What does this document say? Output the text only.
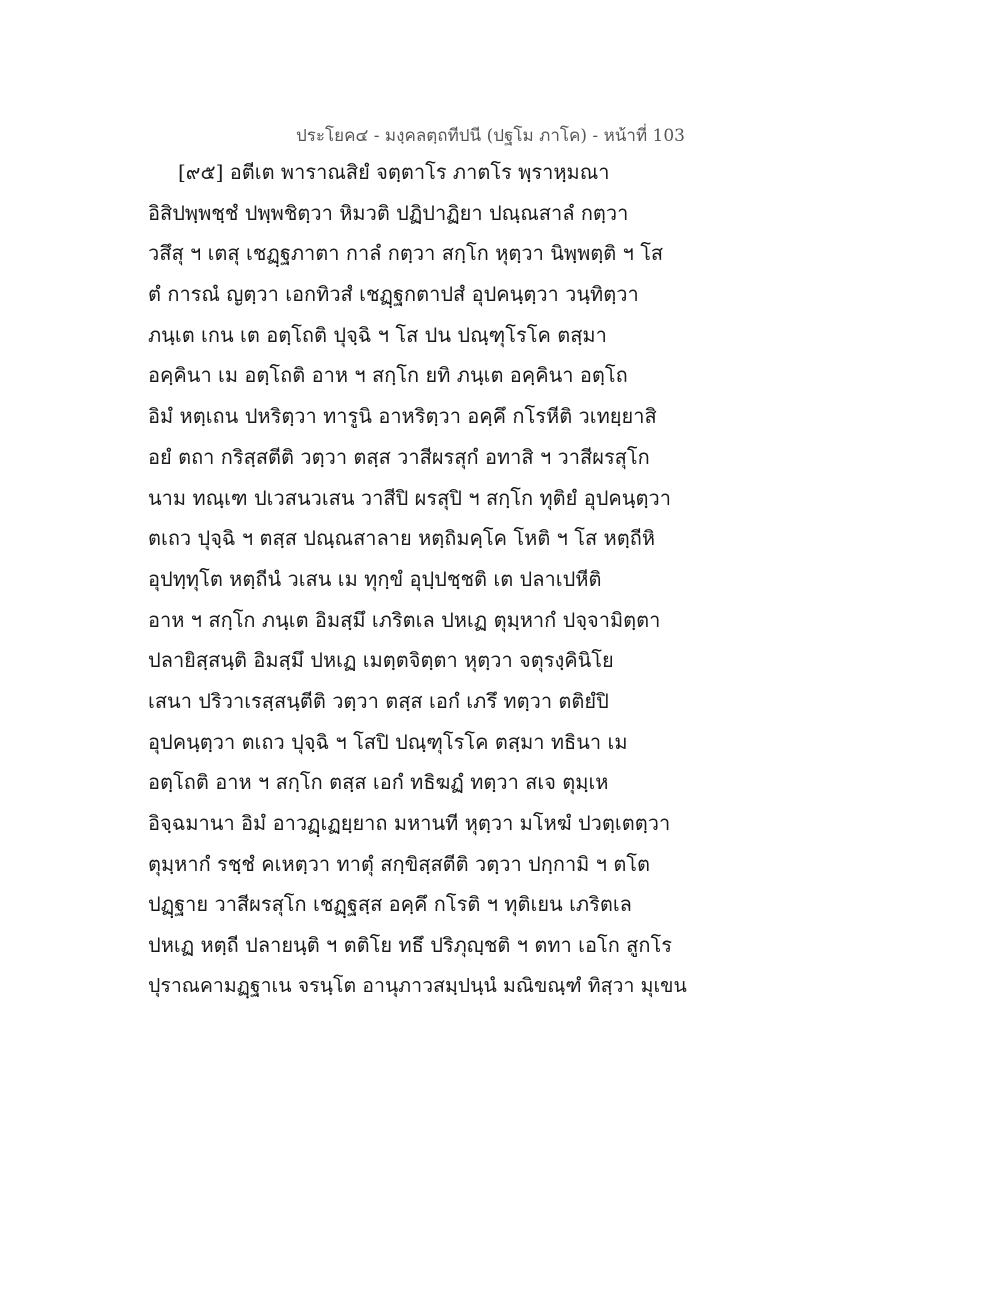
ประโยค๔ - มงฺคลตฺถทีปนี (ปฐโม ภาโค) - หน้าที่ 103
[๙๕] อตีเต พาราณสิยํ จตฺตาโร ภาตโร พฺราหฺมณา
อิสิปพฺพชฺชํ ปพฺพชิตฺวา หิมวติ ปฏิปาฏิยา ปณฺณสาลํ กตฺวา
วสึสุ ฯ เตสุ เชฏฺฐภาตา กาลํ กตฺวา สกฺโก หุตฺวา นิพฺพตฺติ ฯ โส
ตํ การณํ ญตฺวา เอกทิวสํ เชฏฺฐกตาปสํ อุปคนฺตฺวา วนฺทิตฺวา
ภนฺเต เกน เต อตฺโถติ ปุจฺฉิ ฯ โส ปน ปณฺฑุโรโค ตสฺมา
อคฺคินา เม อตฺโถติ อาห ฯ สกฺโก ยทิ ภนฺเต อคฺคินา อตฺโถ
อิมํ หตฺเถน ปหริตฺวา ทารูนิ อาหริตฺวา อคฺคึ กโรหีติ วเทยฺยาสิ
อยํ ตถา กริสฺสตีติ วตฺวา ตสฺส วาสีผรสุกํ อทาสิ ฯ วาสีผรสุโก
นาม ทณฺเฑ ปเวสนวเสน วาสีปิ ผรสุปิ ฯ สกฺโก ทุติยํ อุปคนฺตฺวา
ตเถว ปุจฺฉิ ฯ ตสฺส ปณฺณสาลาย หตฺถิมคฺโค โหติ ฯ โส หตฺถีหิ
อุปทฺทุโต หตฺถีนํ วเสน เม ทุกฺขํ อุปฺปชฺชติ เต ปลาเปหีติ
อาห ฯ สกฺโก ภนฺเต อิมสฺมึ เภริตเล ปหเฏ ตุมฺหากํ ปจฺจามิตฺตา
ปลายิสฺสนฺติ อิมสฺมึ ปหเฏ เมตฺตจิตฺตา หุตฺวา จตุรงฺคินิโย
เสนา ปริวาเรสฺสนฺตีติ วตฺวา ตสฺส เอกํ เภรึ ทตฺวา ตติยํปิ
อุปคนฺตฺวา ตเถว ปุจฺฉิ ฯ โสปิ ปณฺฑุโรโค ตสฺมา ทธินา เม
อตฺโถติ อาห ฯ สกฺโก ตสฺส เอกํ ทธิฆฏํ ทตฺวา สเจ ตุมฺเห
อิจฺฉมานา อิมํ อาวฏฺเฏยฺยาถ มหานที หุตฺวา มโหฆํ ปวตฺเตตฺวา
ตุมฺหากํ รชฺชํ คเหตฺวา ทาตุํ สกฺขิสฺสตีติ วตฺวา ปกฺกามิ ฯ ตโต
ปฏฺฐาย วาสีผรสุโก เชฏฺฐสฺส อคฺคึ กโรติ ฯ ทุติเยน เภริตเล
ปหเฏ หตฺถี ปลายนฺติ ฯ ตติโย ทธึ ปริภุญฺชติ ฯ ตทา เอโก สูกโร
ปุราณคามฏฺฐาเน จรนฺโต อานุภาวสมฺปนฺนํ มณิขณฺฑํ ทิสฺวา มุเขน
